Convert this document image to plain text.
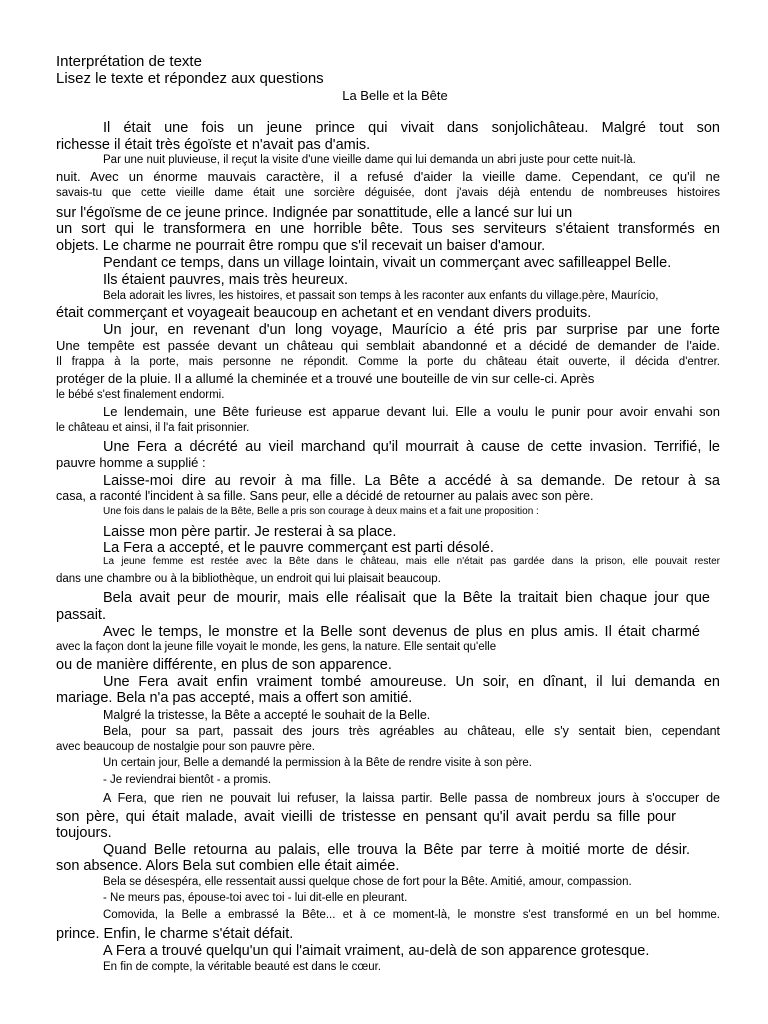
Interprétation de texte
Lisez le texte et répondez aux questions
La Belle et la Bête
Il était une fois un jeune prince qui vivait dans sonjolichâteau. Malgré tout son
richesse il était très égoïste et n'avait pas d'amis.
Par une nuit pluvieuse, il reçut la visite d'une vieille dame qui lui demanda un abri juste pour cette nuit-là.
nuit. Avec un énorme mauvais caractère, il a refusé d'aider la vieille dame. Cependant, ce qu'il ne
savais-tu que cette vieille dame était une sorcière déguisée, dont j'avais déjà entendu de nombreuses histoires
sur l'égoïsme de ce jeune prince. Indignée par sonattitude, elle a lancé sur lui un
un sort qui le transformera en une horrible bête. Tous ses serviteurs s'étaient transformés en
objets. Le charme ne pourrait être rompu que s'il recevait un baiser d'amour.
Pendant ce temps, dans un village lointain, vivait un commerçant avec safilleappel Belle.
Ils étaient pauvres, mais très heureux.
Bela adorait les livres, les histoires, et passait son temps à les raconter aux enfants du village.père, Maurício,
était commerçant et voyageait beaucoup en achetant et en vendant divers produits.
Un jour, en revenant d'un long voyage, Maurício a été pris par surprise par une forte
Une tempête est passée devant un château qui semblait abandonné et a décidé de demander de l'aide.
Il frappa à la porte, mais personne ne répondit. Comme la porte du château était ouverte, il décida d'entrer.
protéger de la pluie. Il a allumé la cheminée et a trouvé une bouteille de vin sur celle-ci. Après
le bébé s'est finalement endormi.
Le lendemain, une Bête furieuse est apparue devant lui. Elle a voulu le punir pour avoir envahi son
le château et ainsi, il l'a fait prisonnier.
Une Fera a décrété au vieil marchand qu'il mourrait à cause de cette invasion. Terrifié, le
pauvre homme a supplié :
Laisse-moi dire au revoir à ma fille. La Bête a accédé à sa demande. De retour à sa
casa, a raconté l'incident à sa fille. Sans peur, elle a décidé de retourner au palais avec son père.
Une fois dans le palais de la Bête, Belle a pris son courage à deux mains et a fait une proposition :
Laisse mon père partir. Je resterai à sa place.
La Fera a accepté, et le pauvre commerçant est parti désolé.
La jeune femme est restée avec la Bête dans le château, mais elle n'était pas gardée dans la prison, elle pouvait rester
dans une chambre ou à la bibliothèque, un endroit qui lui plaisait beaucoup.
Bela avait peur de mourir, mais elle réalisait que la Bête la traitait bien chaque jour que
passait.
Avec le temps, le monstre et la Belle sont devenus de plus en plus amis. Il était charmé
avec la façon dont la jeune fille voyait le monde, les gens, la nature. Elle sentait qu'elle
ou de manière différente, en plus de son apparence.
Une Fera avait enfin vraiment tombé amoureuse. Un soir, en dînant, il lui demanda en
mariage. Bela n'a pas accepté, mais a offert son amitié.
Malgré la tristesse, la Bête a accepté le souhait de la Belle.
Bela, pour sa part, passait des jours très agréables au château, elle s'y sentait bien, cependant
avec beaucoup de nostalgie pour son pauvre père.
Un certain jour, Belle a demandé la permission à la Bête de rendre visite à son père.
- Je reviendrai bientôt - a promis.
A Fera, que rien ne pouvait lui refuser, la laissa partir. Belle passa de nombreux jours à s'occuper de
son père, qui était malade, avait vieilli de tristesse en pensant qu'il avait perdu sa fille pour
toujours.
Quand Belle retourna au palais, elle trouva la Bête par terre à moitié morte de désir.
son absence. Alors Bela sut combien elle était aimée.
Bela se désespéra, elle ressentait aussi quelque chose de fort pour la Bête. Amitié, amour, compassion.
- Ne meurs pas, épouse-toi avec toi - lui dit-elle en pleurant.
Comovida, la Belle a embrassé la Bête... et à ce moment-là, le monstre s'est transformé en un bel homme.
prince. Enfin, le charme s'était défait.
A Fera a trouvé quelqu'un qui l'aimait vraiment, au-delà de son apparence grotesque.
En fin de compte, la véritable beauté est dans le cœur.
